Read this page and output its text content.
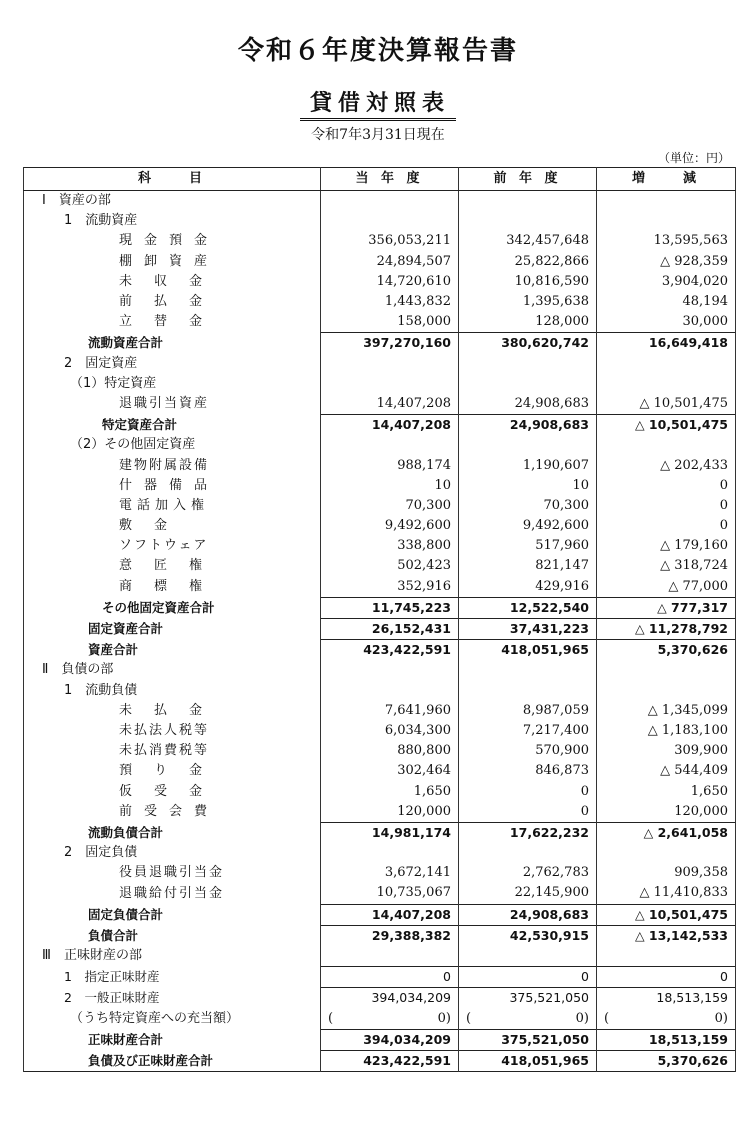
令和６年度決算報告書
貸借対照表
令和7年3月31日現在
（単位：円）
科　　目	当 年 度	前 年 度	増　　減
Ⅰ　資産の部			
1　流動資産			
現金預金	356,053,211	342,457,648	13,595,563
棚卸資産	24,894,507	25,822,866	△ 928,359
未収金	14,720,610	10,816,590	3,904,020
前払金	1,443,832	1,395,638	48,194
立替金	158,000	128,000	30,000
流動資産合計	397,270,160	380,620,742	16,649,418
2　固定資産			
（1）特定資産			
退職引当資産	14,407,208	24,908,683	△ 10,501,475
特定資産合計	14,407,208	24,908,683	△ 10,501,475
（2）その他固定資産			
建物附属設備	988,174	1,190,607	△ 202,433
什器備品	10	10	0
電話加入権	70,300	70,300	0
敷金	9,492,600	9,492,600	0
ソフトウェア	338,800	517,960	△ 179,160
意匠権	502,423	821,147	△ 318,724
商標権	352,916	429,916	△ 77,000
その他固定資産合計	11,745,223	12,522,540	△ 777,317
固定資産合計	26,152,431	37,431,223	△ 11,278,792
資産合計	423,422,591	418,051,965	5,370,626
Ⅱ　負債の部			
1　流動負債			
未払金	7,641,960	8,987,059	△ 1,345,099
未払法人税等	6,034,300	7,217,400	△ 1,183,100
未払消費税等	880,800	570,900	309,900
預り金	302,464	846,873	△ 544,409
仮受金	1,650	0	1,650
前受会費	120,000	0	120,000
流動負債合計	14,981,174	17,622,232	△ 2,641,058
2　固定負債			
役員退職引当金	3,672,141	2,762,783	909,358
退職給付引当金	10,735,067	22,145,900	△ 11,410,833
固定負債合計	14,407,208	24,908,683	△ 10,501,475
負債合計	29,388,382	42,530,915	△ 13,142,533
Ⅲ　正味財産の部			
1　指定正味財産	0	0	0
2　一般正味財産	394,034,209	375,521,050	18,513,159
（うち特定資産への充当額）	( 0)	( 0)	( 0)

正味財産合計	394,034,209	375,521,050	18,513,159
負債及び正味財産合計	423,422,591	418,051,965	5,370,626
